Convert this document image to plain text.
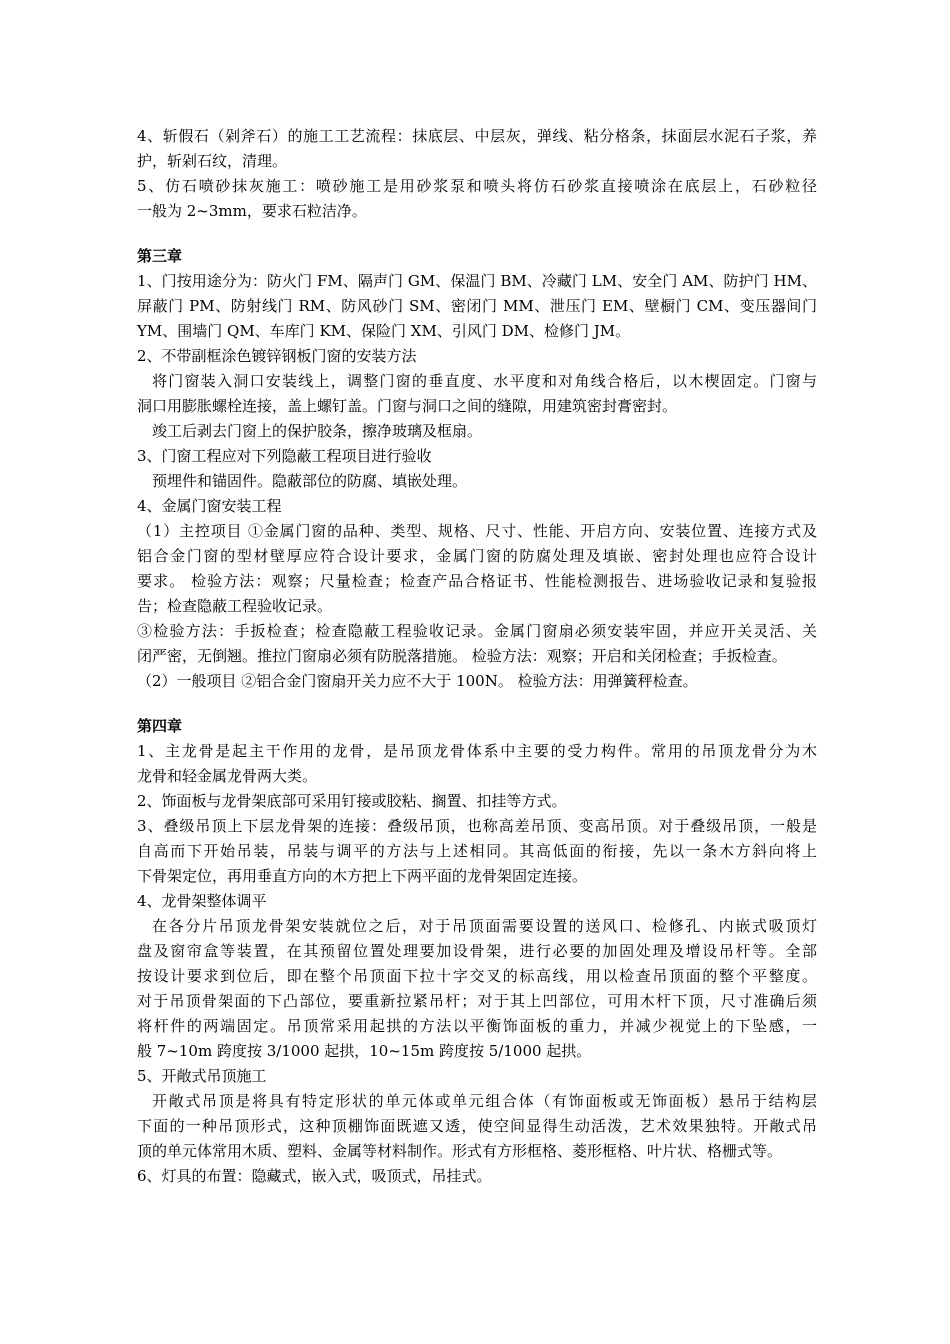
4、斩假石（剁斧石）的施工工艺流程：抹底层、中层灰，弹线、粘分格条，抹面层水泥石子浆，养
护，斩剁石纹，清理。
5、仿石喷砂抹灰施工：喷砂施工是用砂浆泵和喷头将仿石砂浆直接喷涂在底层上，石砂粒径
一般为 2~3mm，要求石粒洁净。
第三章
1、门按用途分为：防火门 FM、隔声门 GM、保温门 BM、冷藏门 LM、安全门 AM、防护门 HM、
屏蔽门 PM、防射线门 RM、防风砂门 SM、密闭门 MM、泄压门 EM、壁橱门 CM、变压器间门
YM、围墙门 QM、车库门 KM、保险门 XM、引风门 DM、检修门 JM。
2、不带副框涂色镀锌钢板门窗的安装方法
将门窗装入洞口安装线上，调整门窗的垂直度、水平度和对角线合格后，以木楔固定。门窗与
洞口用膨胀螺栓连接，盖上螺钉盖。门窗与洞口之间的缝隙，用建筑密封膏密封。
竣工后剥去门窗上的保护胶条，擦净玻璃及框扇。
3、门窗工程应对下列隐蔽工程项目进行验收
预埋件和锚固件。隐蔽部位的防腐、填嵌处理。
4、金属门窗安装工程
（1）主控项目 ①金属门窗的品种、类型、规格、尺寸、性能、开启方向、安装位置、连接方式及
铝合金门窗的型材壁厚应符合设计要求，金属门窗的防腐处理及填嵌、密封处理也应符合设计
要求。 检验方法：观察；尺量检查；检查产品合格证书、性能检测报告、进场验收记录和复验报
告；检查隐蔽工程验收记录。
③检验方法：手扳检查；检查隐蔽工程验收记录。金属门窗扇必须安装牢固，并应开关灵活、关
闭严密，无倒翘。推拉门窗扇必须有防脱落措施。 检验方法：观察；开启和关闭检查；手扳检查。
（2）一般项目 ②铝合金门窗扇开关力应不大于 100N。 检验方法：用弹簧秤检查。
第四章
1、主龙骨是起主干作用的龙骨，是吊顶龙骨体系中主要的受力构件。常用的吊顶龙骨分为木
龙骨和轻金属龙骨两大类。
2、饰面板与龙骨架底部可采用钉接或胶粘、搁置、扣挂等方式。
3、叠级吊顶上下层龙骨架的连接：叠级吊顶，也称高差吊顶、变高吊顶。对于叠级吊顶，一般是
自高而下开始吊装，吊装与调平的方法与上述相同。其高低面的衔接，先以一条木方斜向将上
下骨架定位，再用垂直方向的木方把上下两平面的龙骨架固定连接。
4、龙骨架整体调平
在各分片吊顶龙骨架安装就位之后，对于吊顶面需要设置的送风口、检修孔、内嵌式吸顶灯
盘及窗帘盒等装置，在其预留位置处理要加设骨架，进行必要的加固处理及增设吊杆等。全部
按设计要求到位后，即在整个吊顶面下拉十字交叉的标高线，用以检查吊顶面的整个平整度。
对于吊顶骨架面的下凸部位，要重新拉紧吊杆；对于其上凹部位，可用木杆下顶，尺寸准确后须
将杆件的两端固定。吊顶常采用起拱的方法以平衡饰面板的重力，并减少视觉上的下坠感，一
般 7~10m 跨度按 3/1000 起拱，10~15m 跨度按 5/1000 起拱。
5、开敞式吊顶施工
开敞式吊顶是将具有特定形状的单元体或单元组合体（有饰面板或无饰面板）悬吊于结构层
下面的一种吊顶形式，这种顶棚饰面既遮又透，使空间显得生动活泼，艺术效果独特。开敞式吊
顶的单元体常用木质、塑料、金属等材料制作。形式有方形框格、菱形框格、叶片状、格栅式等。
6、灯具的布置：隐藏式，嵌入式，吸顶式，吊挂式。
